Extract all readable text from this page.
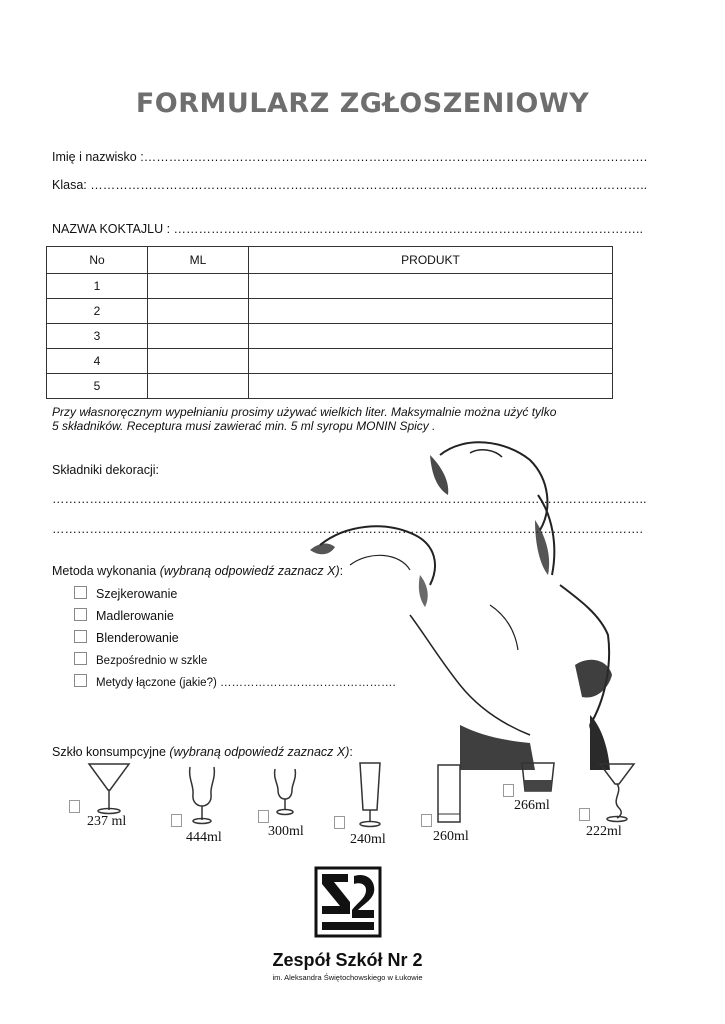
FORMULARZ ZGŁOSZENIOWY
Imię i nazwisko :………………………………………………………………………………………………………….
Klasa: ……………………………………………………………………………………………………………………..
NAZWA KOKTAJLU : …………………………………………………………………………………………………..
No	ML	PRODUKT
1		
2		
3		
4		
5		
Przy własnoręcznym wypełnianiu prosimy używać wielkich liter. Maksymalnie można użyć tylko
5 składników. Receptura musi zawierać min. 5 ml syropu MONIN Spicy .
Składniki dekoracji:
……………………………………………………………………………………………………………………………..
…………………………………………………………………………………………………………………………….
Metoda wykonania (wybraną odpowiedź zaznacz X):
Szejkerowanie
Madlerowanie
Blenderowanie
Bezpośrednio w szkle
Metydy łączone (jakie?) ……………………………………….
Szkło konsumpcyjne (wybraną odpowiedź zaznacz X):
237 ml
444ml	300ml
240ml	260ml
266ml
222ml
Zespół Szkół Nr 2
im. Aleksandra Świętochowskiego w Łukowie
